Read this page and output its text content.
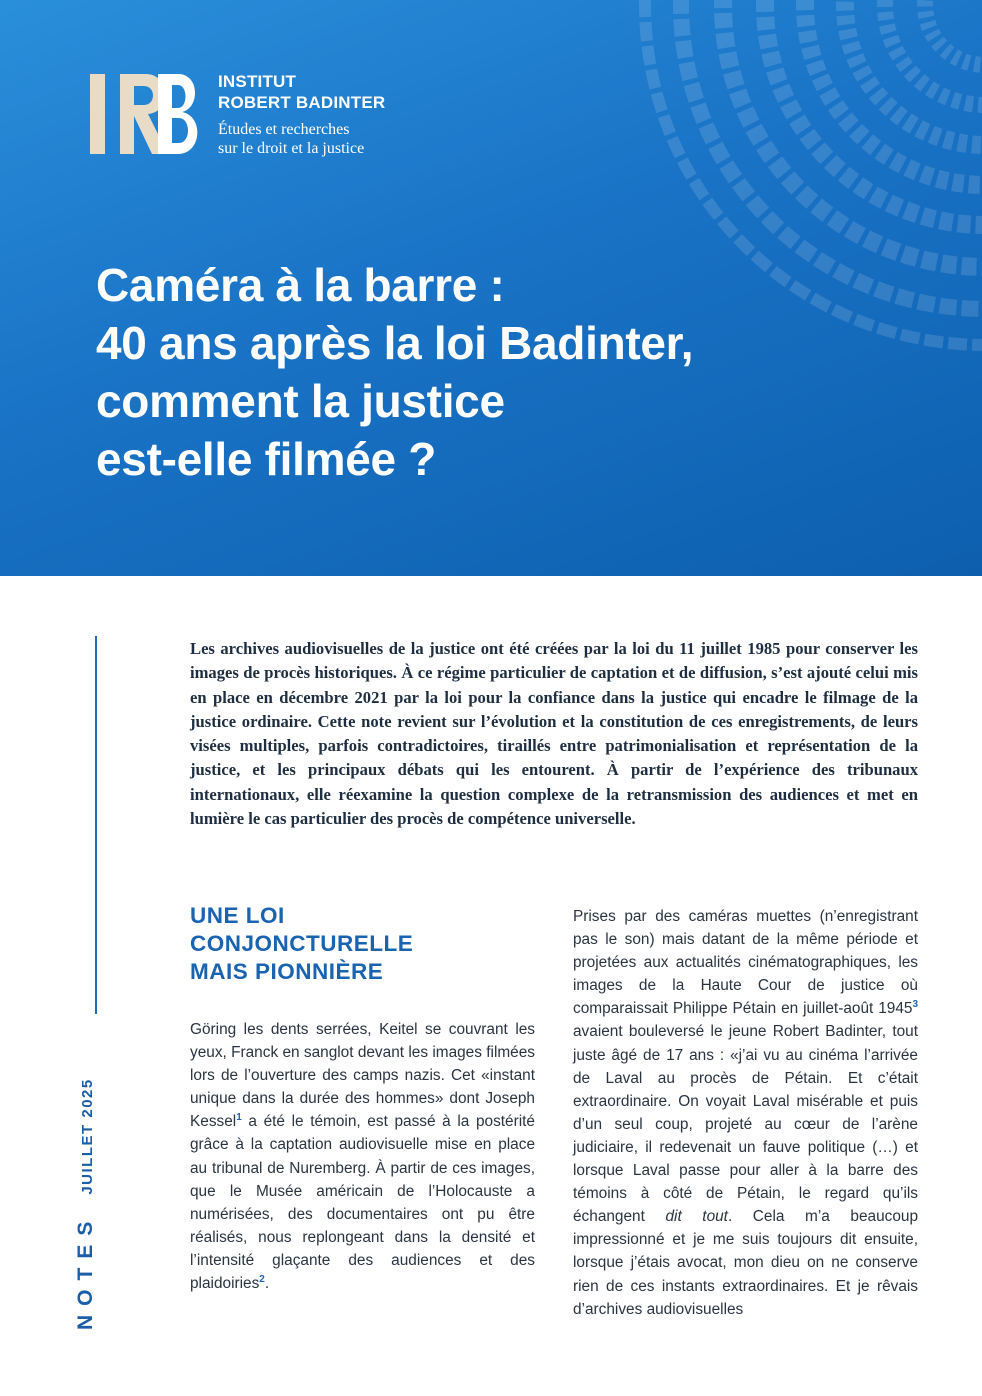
INSTITUT
ROBERT BADINTER

Études et recherches
sur le droit et la justice

Caméra à la barre :
40 ans après la loi Badinter,
comment la justice
est-elle filmée ?
NOTESJUILLET 2025

Les archives audiovisuelles de la justice ont été créées par la loi du 11 juillet 1985 pour conserver les images de procès historiques. À ce régime particulier de captation et de diffusion, s’est ajouté celui mis en place en décembre 2021 par la loi pour la confiance dans la justice qui encadre le filmage de la justice ordinaire. Cette note revient sur l’évolution et la constitution de ces enregistrements, de leurs visées multiples, parfois contradictoires, tiraillés entre patrimonialisation et représentation de la justice, et les principaux débats qui les entourent. À partir de l’expérience des tribunaux internationaux, elle réexamine la question complexe de la retransmission des audiences et met en lumière le cas particulier des procès de compétence universelle.

UNE LOI
CONJONCTURELLE
MAIS PIONNIÈRE

Göring les dents serrées, Keitel se couvrant les yeux, Franck en sanglot devant les images filmées lors de l’ouverture des camps nazis. Cet «instant unique dans la durée des hommes» dont Joseph Kessel$^1$ a été le témoin, est passé à la postérité grâce à la captation audiovisuelle mise en place au tribunal de Nuremberg. À partir de ces images, que le Musée américain de l’Holocauste a numérisées, des documentaires ont pu être réalisés, nous replongeant dans la densité et l’intensité glaçante des audiences et des plaidoiries$^2$.

Prises par des caméras muettes (n’enregistrant pas le son) mais datant de la même période et projetées aux actualités cinématographiques, les images de la Haute Cour de justice où comparaissait Philippe Pétain en juillet-août 1945$^3$ avaient bouleversé le jeune Robert Badinter, tout juste âgé de 17 ans : «j’ai vu au cinéma l’arrivée de Laval au procès de Pétain. Et c’était extraordinaire. On voyait Laval misérable et puis d’un seul coup, projeté au cœur de l’arène judiciaire, il redevenait un fauve politique (…) et lorsque Laval passe pour aller à la barre des témoins à côté de Pétain, le regard qu’ils échangent dit tout. Cela m’a beaucoup impressionné et je me suis toujours dit ensuite, lorsque j’étais avocat, mon dieu on ne conserve rien de ces instants extraordinaires. Et je rêvais d’archives audiovisuelles
